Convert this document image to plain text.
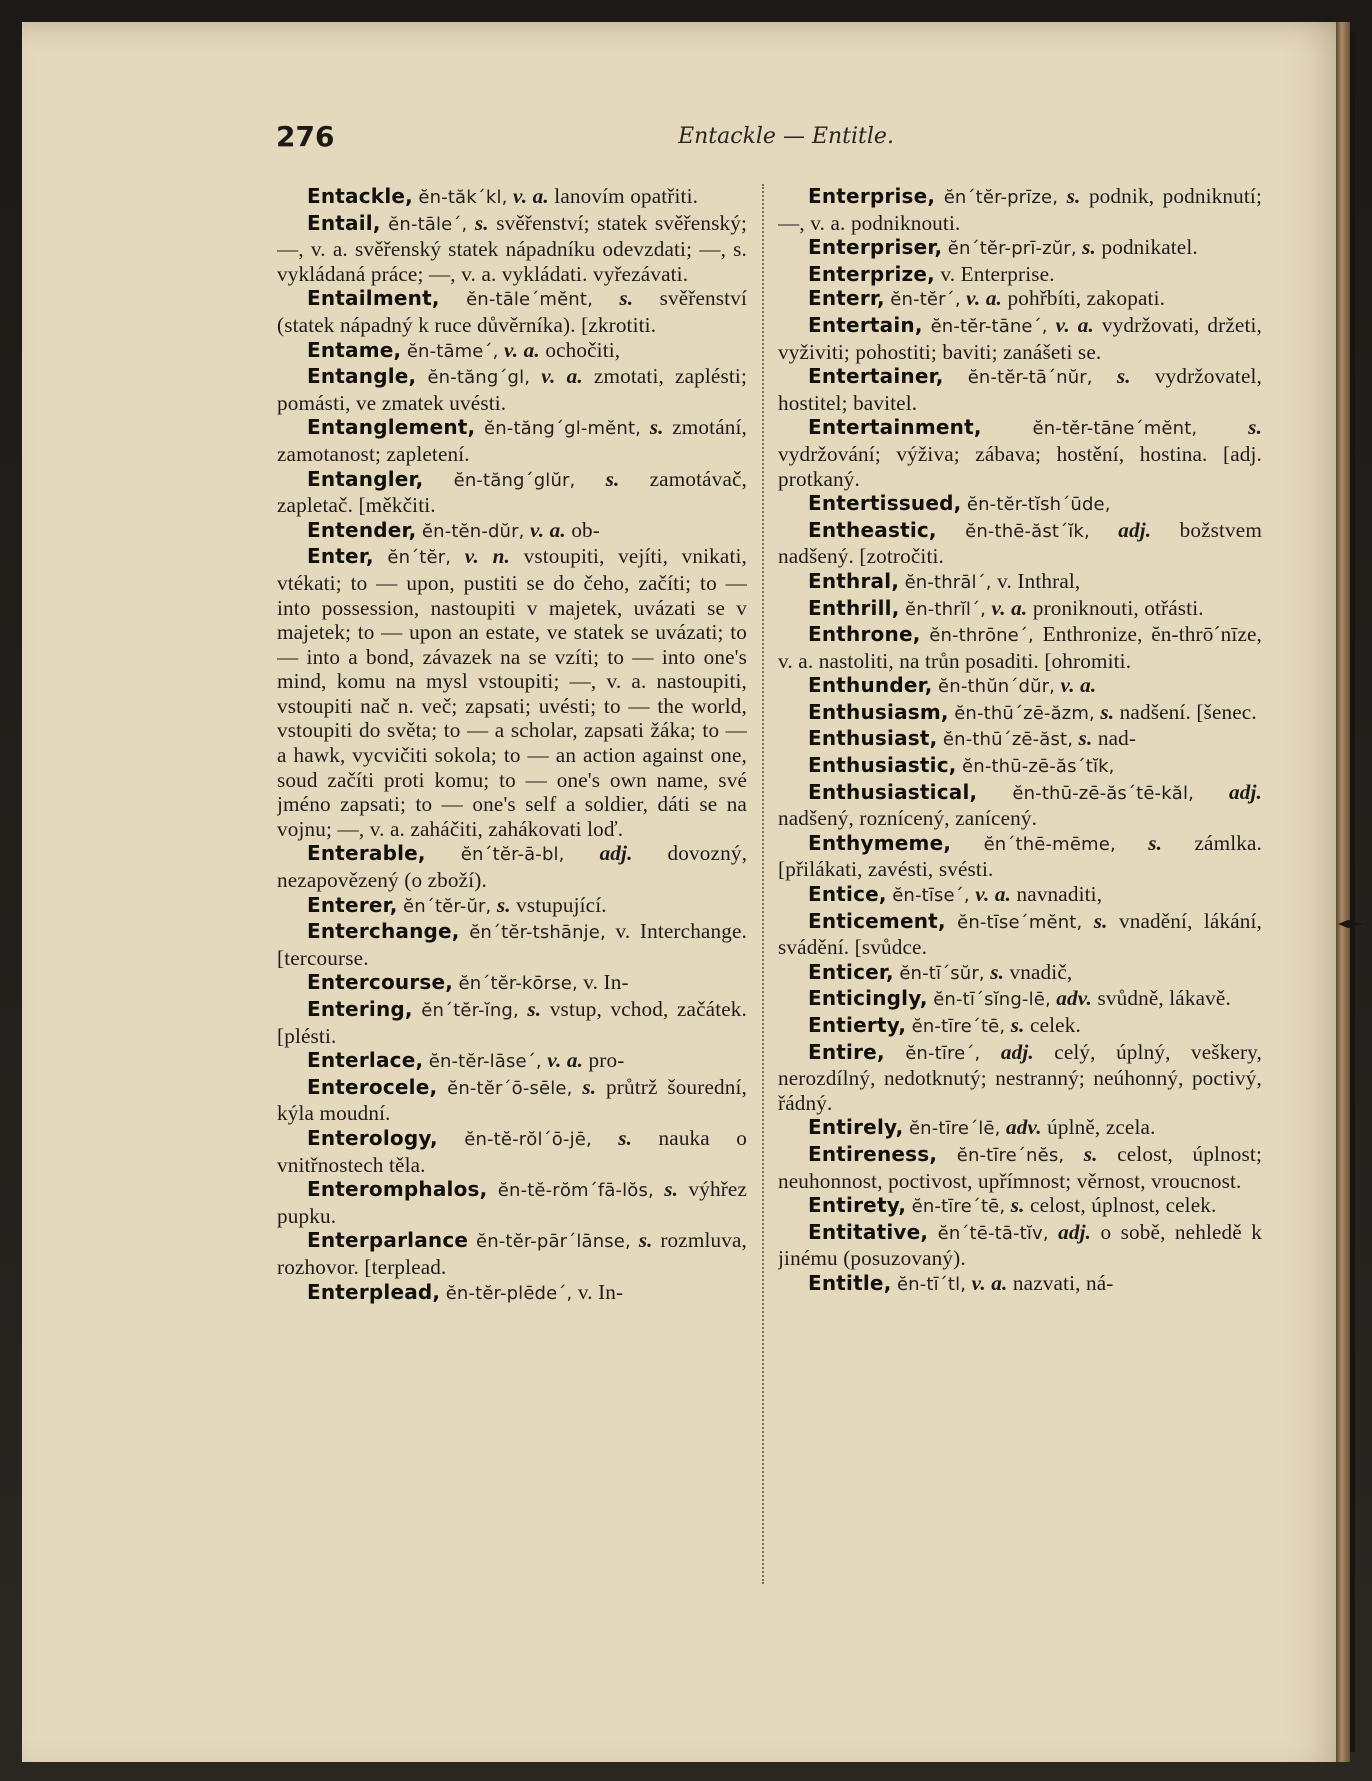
276	Entackle — Entitle.

Entackle, ĕn-tăk´kl, v. a. lanovím opatřiti.

Entail, ĕn-tāle´, s. svěřenství; statek svěřenský; —, v. a. svěřenský statek nápadníku odevzdati; —, s. vykládaná práce; —, v. a. vykládati. vyřezávati.

Entailment, ĕn-tāle´mĕnt, s. svěřenství (statek nápadný k ruce důvěrníka). [zkrotiti.

Entame, ĕn-tāme´, v. a. ochočiti,

Entangle, ĕn-tăng´gl, v. a. zmotati, zaplésti; pomásti, ve zmatek uvésti.

Entanglement, ĕn-tăng´gl-mĕnt, s. zmotání, zamotanost; zapletení.

Entangler, ĕn-tăng´glŭr, s. zamotávač, zapletač. [měkčiti.

Entender, ĕn-tĕn-dŭr, v. a. ob-

Enter, ĕn´tĕr, v. n. vstoupiti, vejíti, vnikati, vtékati; to — upon, pustiti se do čeho, začíti; to — into possession, nastoupiti v majetek, uvázati se v majetek; to — upon an estate, ve statek se uvázati; to — into a bond, závazek na se vzíti; to — into one's mind, komu na mysl vstoupiti; —, v. a. nastoupiti, vstoupiti nač n. več; zapsati; uvésti; to — the world, vstoupiti do světa; to — a scholar, zapsati žáka; to — a hawk, vycvičiti sokola; to — an action against one, soud začíti proti komu; to — one's own name, své jméno zapsati; to — one's self a soldier, dáti se na vojnu; —, v. a. zaháčiti, zahákovati loď.

Enterable, ĕn´tĕr-ā-bl, adj. dovozný, nezapovězený (o zboží).

Enterer, ĕn´tĕr-ŭr, s. vstupující.

Enterchange, ĕn´tĕr-tshānje, v. Interchange. [tercourse.

Entercourse, ĕn´tĕr-kōrse, v. In-

Entering, ĕn´tĕr-ĭng, s. vstup, vchod, začátek. [plésti.

Enterlace, ĕn-tĕr-lāse´, v. a. pro-

Enterocele, ĕn-tĕr´ō-sēle, s. průtrž šourední, kýla moudní.

Enterology, ĕn-tĕ-rŏl´ō-jē, s. nauka o vnitřnostech těla.

Enteromphalos, ĕn-tĕ-rŏm´fā-lŏs, s. výhřez pupku.

Enterparlance ĕn-tĕr-pār´lānse, s. rozmluva, rozhovor. [terplead.

Enterplead, ĕn-tĕr-plēde´, v. In-

Enterprise, ĕn´tĕr-prīze, s. podnik, podniknutí; —, v. a. podniknouti.

Enterpriser, ĕn´tĕr-prī-zŭr, s. podnikatel.

Enterprize, v. Enterprise.

Enterr, ĕn-tĕr´, v. a. pohřbíti, zakopati.

Entertain, ĕn-tĕr-tāne´, v. a. vydržovati, držeti, vyživiti; pohostiti; baviti; zanášeti se.

Entertainer, ĕn-tĕr-tā´nŭr, s. vydržovatel, hostitel; bavitel.

Entertainment,	ĕn-tĕr-tāne´mĕnt, s. vydržování; výživa; zábava; hostění, hostina. [adj. protkaný.

Entertissued, ĕn-tĕr-tĭsh´ūde,

Entheastic, ĕn-thē-ăst´ĭk, adj. božstvem nadšený. [zotročiti.

Enthral, ĕn-thrāl´, v. Inthral,

Enthrill, ĕn-thrĭl´, v. a. proniknouti, otřásti.

Enthrone, ĕn-thrōne´, Enthronize, ĕn-thrō´nīze, v. a. nastoliti, na trůn posaditi. [ohromiti.

Enthunder, ĕn-thŭn´dŭr, v. a.

Enthusiasm, ĕn-thū´zē-ăzm, s. nadšení. [šenec.

Enthusiast, ĕn-thū´zē-ăst, s. nad-

Enthusiastic, ĕn-thū-zē-ăs´tĭk,

Enthusiastical, ĕn-thū-zē-ăs´tē-kăl, adj. nadšený, roznícený, zanícený.

Enthymeme, ĕn´thē-mēme, s. zámlka. [přilákati, zavésti, svésti.

Entice, ĕn-tīse´, v. a. navnaditi,

Enticement, ĕn-tīse´mĕnt, s. vnadění, lákání, svádění. [svůdce.

Enticer, ĕn-tī´sŭr, s. vnadič,

Enticingly, ĕn-tī´sĭng-lē, adv. svůdně, lákavě.

Entierty, ĕn-tīre´tē, s. celek.

Entire, ĕn-tīre´, adj. celý, úplný, veškery, nerozdílný, nedotknutý; nestranný; neúhonný, poctivý, řádný.

Entirely, ĕn-tīre´lē, adv. úplně, zcela.

Entireness, ĕn-tīre´nĕs, s. celost, úplnost; neuhonnost, poctivost, upřímnost; věrnost, vroucnost.

Entirety, ĕn-tīre´tē, s. celost, úplnost, celek.

Entitative, ĕn´tē-tā-tĭv, adj. o sobě, nehledě k jinému (posuzovaný).

Entitle, ĕn-tī´tl, v. a. nazvati, ná-
